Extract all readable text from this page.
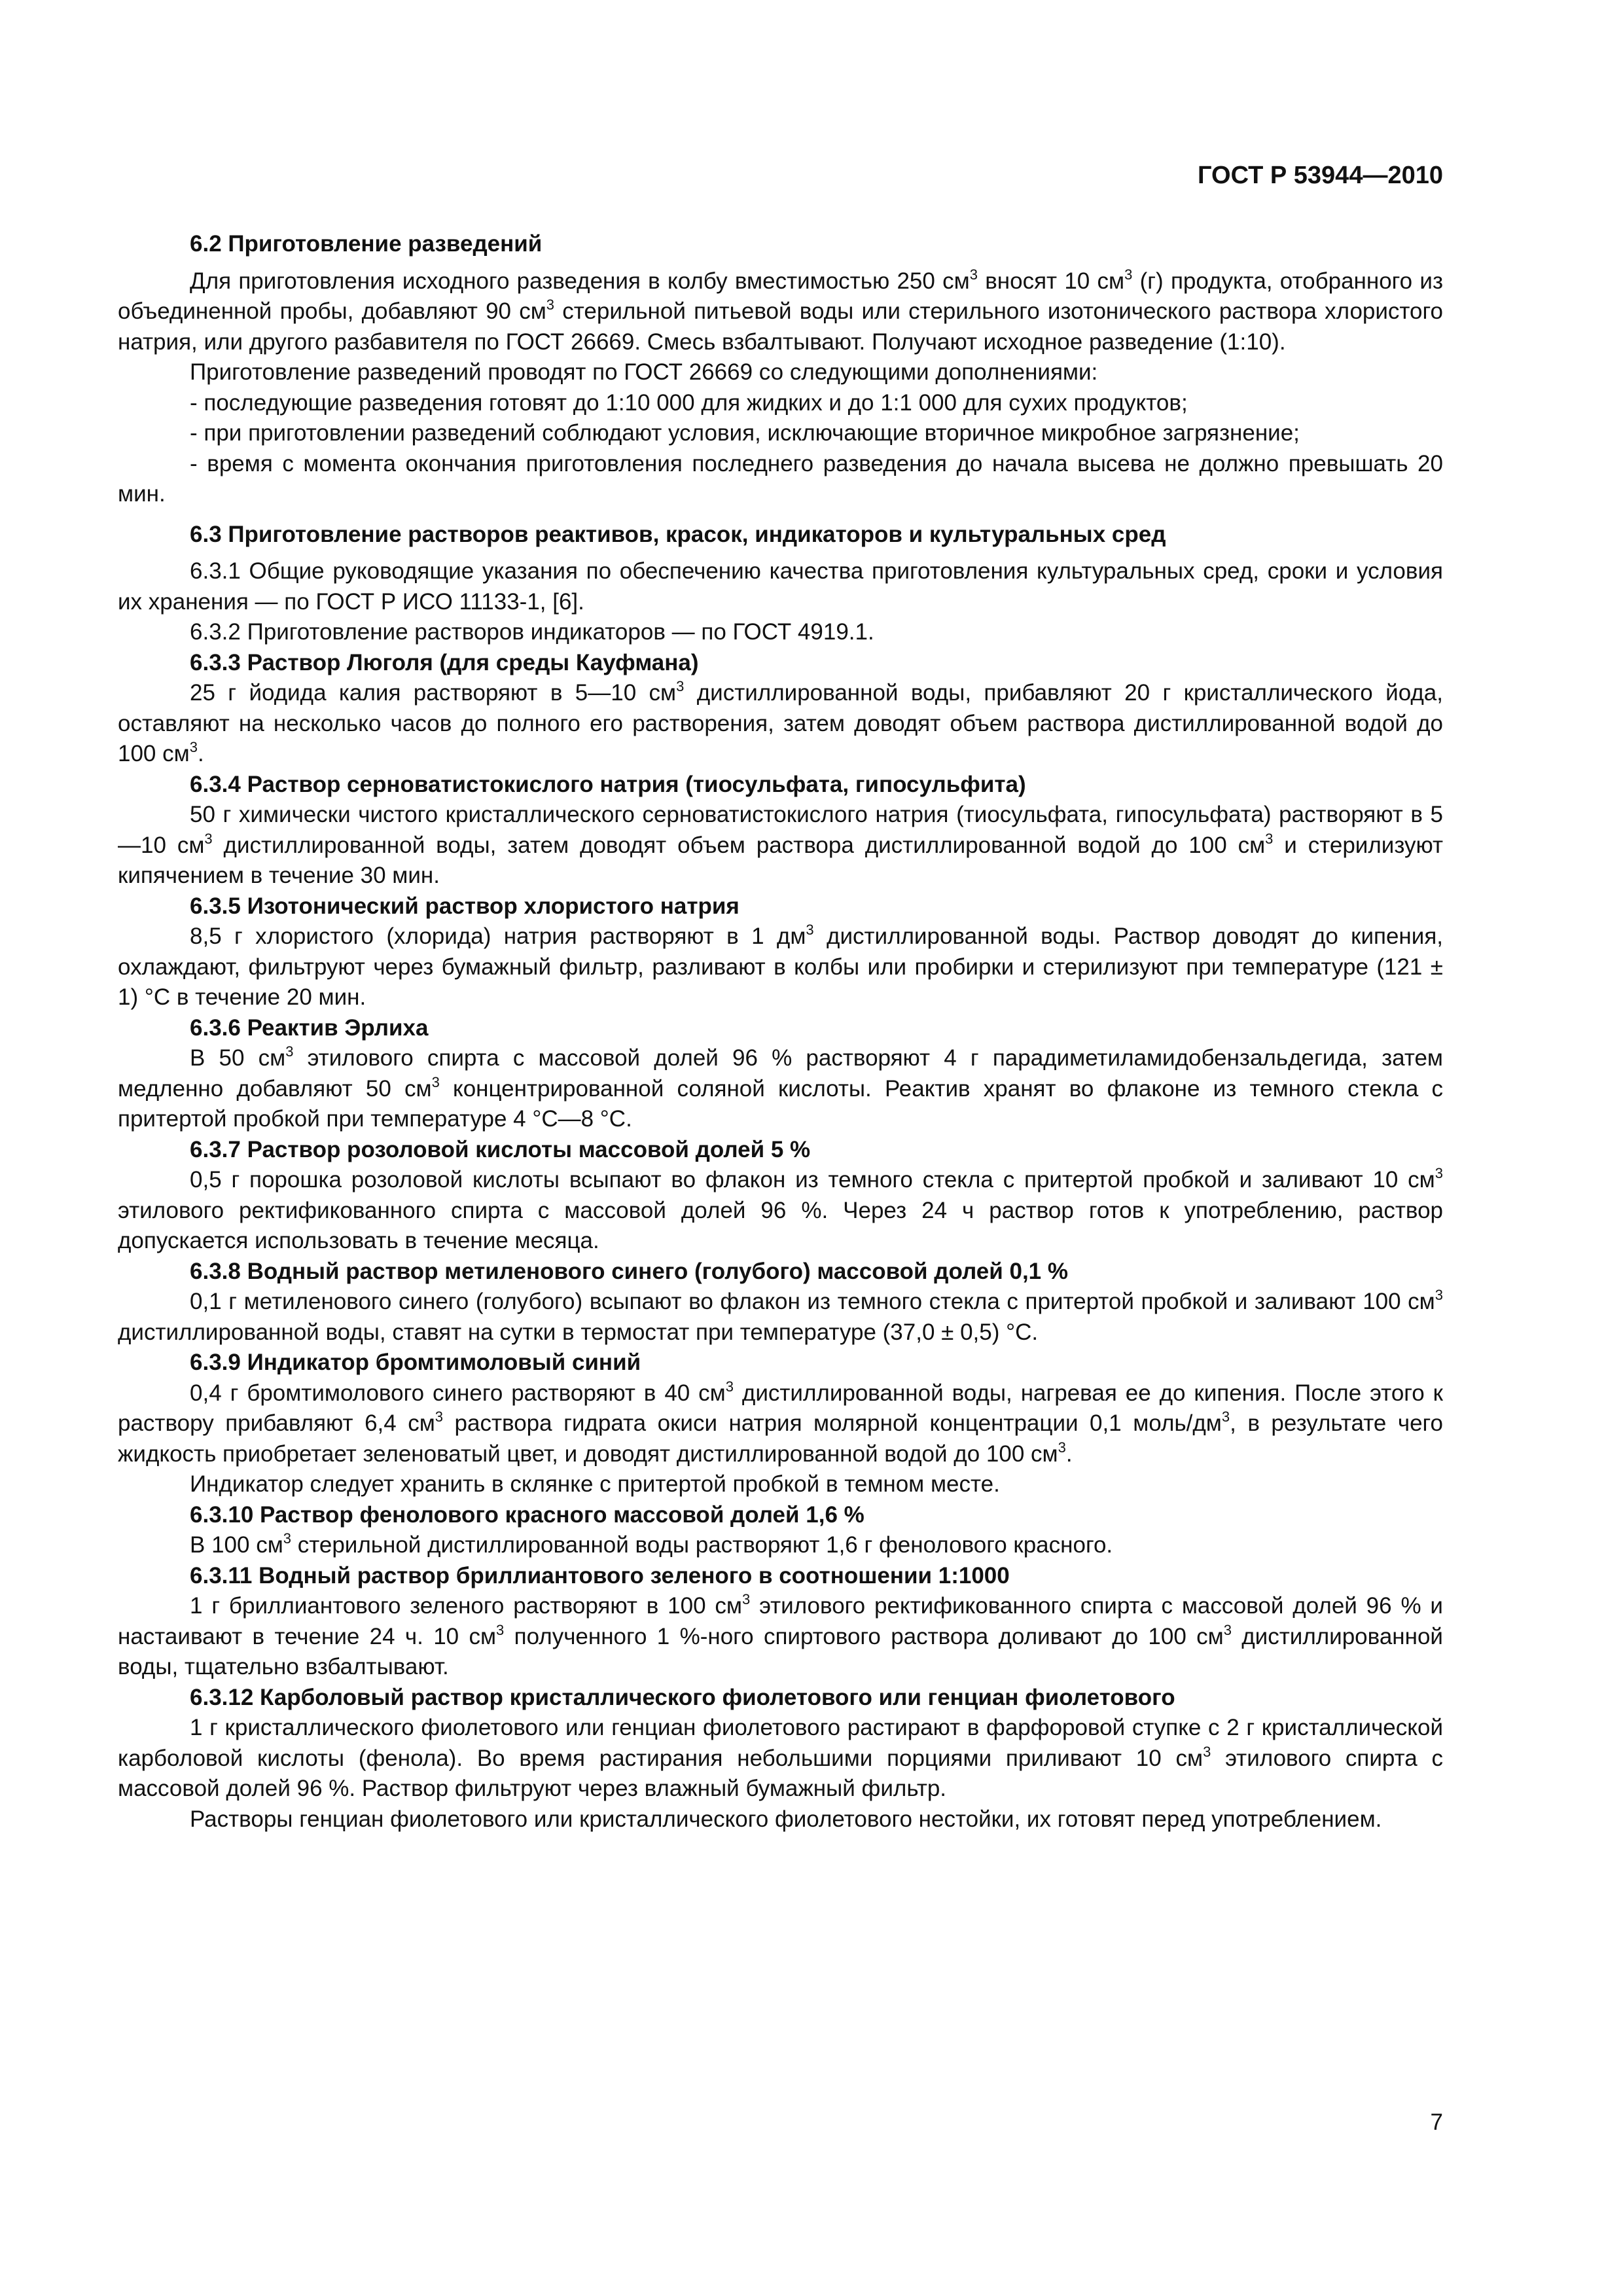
ГОСТ Р 53944—2010

6.2 Приготовление разведений

Для приготовления исходного разведения в колбу вместимостью 250 $см^3$ вносят 10 $см^3$ (г) продукта, отобранного из объединенной пробы, добавляют 90 $см^3$ стерильной питьевой воды или стерильного изотонического раствора хлористого натрия, или другого разбавителя по ГОСТ 26669. Смесь взбалтывают. Получают исходное разведение (1:10).

Приготовление разведений проводят по ГОСТ 26669 со следующими дополнениями:

- последующие разведения готовят до 1:10 000 для жидких и до 1:1 000 для сухих продуктов;

- при приготовлении разведений соблюдают условия, исключающие вторичное микробное загрязнение;

- время с момента окончания приготовления последнего разведения до начала высева не должно превышать 20 мин.

6.3 Приготовление растворов реактивов, красок, индикаторов и культуральных сред

6.3.1 Общие руководящие указания по обеспечению качества приготовления культуральных сред, сроки и условия их хранения — по ГОСТ Р ИСО 11133-1, [6].

6.3.2 Приготовление растворов индикаторов — по ГОСТ 4919.1.

6.3.3 Раствор Люголя (для среды Кауфмана)

25 г йодида калия растворяют в 5—10 $см^3$ дистиллированной воды, прибавляют 20 г кристаллического йода, оставляют на несколько часов до полного его растворения, затем доводят объем раствора дистиллированной водой до 100 $см^3$.

6.3.4 Раствор серноватистокислого натрия (тиосульфата, гипосульфита)

50 г химически чистого кристаллического серноватистокислого натрия (тиосульфата, гипосульфата) растворяют в 5—10 $см^3$ дистиллированной воды, затем доводят объем раствора дистиллированной водой до 100 $см^3$ и стерилизуют кипячением в течение 30 мин.

6.3.5 Изотонический раствор хлористого натрия

8,5 г хлористого (хлорида) натрия растворяют в 1 $дм^3$ дистиллированной воды. Раствор доводят до кипения, охлаждают, фильтруют через бумажный фильтр, разливают в колбы или пробирки и стерилизуют при температуре (121 ± 1) °С в течение 20 мин.

6.3.6 Реактив Эрлиха

В 50 $см^3$ этилового спирта с массовой долей 96 % растворяют 4 г парадиметиламидобензальдегида, затем медленно добавляют 50 $см^3$ концентрированной соляной кислоты. Реактив хранят во флаконе из темного стекла с притертой пробкой при температуре 4 °С—8 °С.

6.3.7 Раствор розоловой кислоты массовой долей 5 %

0,5 г порошка розоловой кислоты всыпают во флакон из темного стекла с притертой пробкой и заливают 10 $см^3$ этилового ректификованного спирта с массовой долей 96 %. Через 24 ч раствор готов к употреблению, раствор допускается использовать в течение месяца.

6.3.8 Водный раствор метиленового синего (голубого) массовой долей 0,1 %

0,1 г метиленового синего (голубого) всыпают во флакон из темного стекла с притертой пробкой и заливают 100 $см^3$ дистиллированной воды, ставят на сутки в термостат при температуре (37,0 ± 0,5) °С.

6.3.9 Индикатор бромтимоловый синий

0,4 г бромтимолового синего растворяют в 40 $см^3$ дистиллированной воды, нагревая ее до кипения. После этого к раствору прибавляют 6,4 $см^3$ раствора гидрата окиси натрия молярной концентрации 0,1 моль/$дм^3$, в результате чего жидкость приобретает зеленоватый цвет, и доводят дистиллированной водой до 100 $см^3$.

Индикатор следует хранить в склянке с притертой пробкой в темном месте.

6.3.10 Раствор фенолового красного массовой долей 1,6 %

В 100 $см^3$ стерильной дистиллированной воды растворяют 1,6 г фенолового красного.

6.3.11 Водный раствор бриллиантового зеленого в соотношении 1:1000

1 г бриллиантового зеленого растворяют в 100 $см^3$ этилового ректификованного спирта с массовой долей 96 % и настаивают в течение 24 ч. 10 $см^3$ полученного 1 %-ного спиртового раствора доливают до 100 $см^3$ дистиллированной воды, тщательно взбалтывают.

6.3.12 Карболовый раствор кристаллического фиолетового или генциан фиолетового

1 г кристаллического фиолетового или генциан фиолетового растирают в фарфоровой ступке с 2 г кристаллической карболовой кислоты (фенола). Во время растирания небольшими порциями приливают 10 $см^3$ этилового спирта с массовой долей 96 %. Раствор фильтруют через влажный бумажный фильтр.

Растворы генциан фиолетового или кристаллического фиолетового нестойки, их готовят перед употреблением.

7
